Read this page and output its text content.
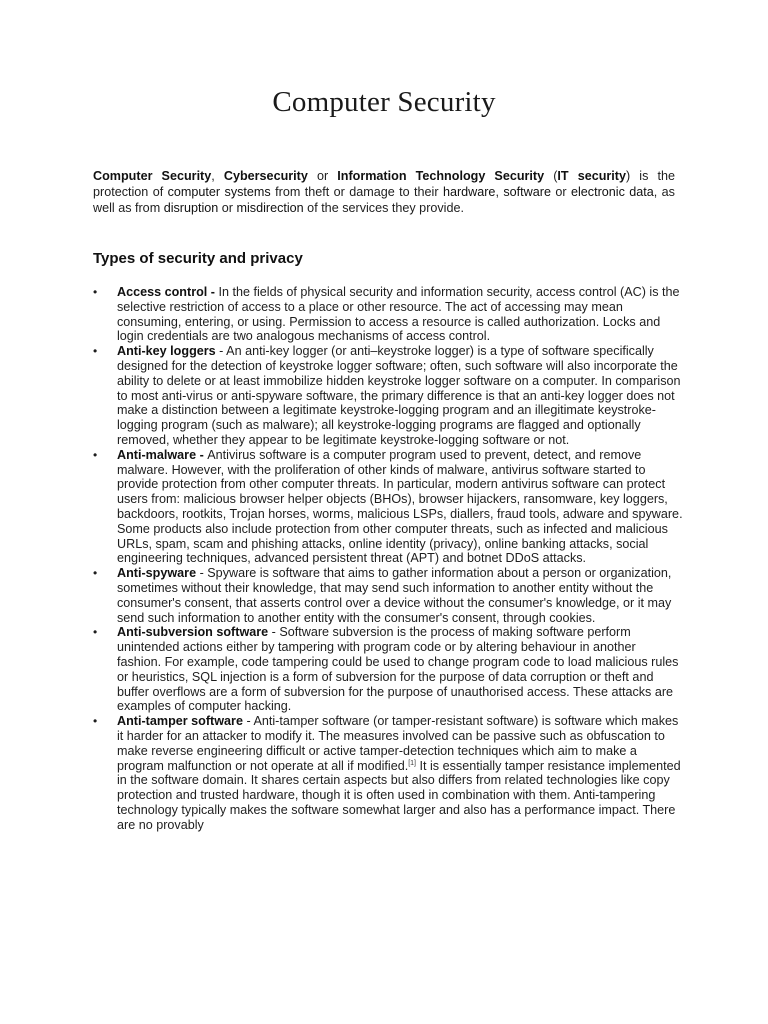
Computer Security

Computer Security, Cybersecurity or Information Technology Security (IT security) is the protection of computer systems from theft or damage to their hardware, software or electronic data, as well as from disruption or misdirection of the services they provide.

Types of security and privacy
• Access control - In the fields of physical security and information security, access control (AC) is the selective restriction of access to a place or other resource. The act of accessing may mean consuming, entering, or using. Permission to access a resource is called authorization. Locks and login credentials are two analogous mechanisms of access control.
• Anti-key loggers - An anti-key logger (or anti–keystroke logger) is a type of software specifically designed for the detection of keystroke logger software; often, such software will also incorporate the ability to delete or at least immobilize hidden keystroke logger software on a computer. In comparison to most anti-virus or anti-spyware software, the primary difference is that an anti-key logger does not make a distinction between a legitimate keystroke-logging program and an illegitimate keystroke-logging program (such as malware); all keystroke-logging programs are flagged and optionally removed, whether they appear to be legitimate keystroke-logging software or not.
• Anti-malware - Antivirus software is a computer program used to prevent, detect, and remove malware. However, with the proliferation of other kinds of malware, antivirus software started to provide protection from other computer threats. In particular, modern antivirus software can protect users from: malicious browser helper objects (BHOs), browser hijackers, ransomware, key loggers, backdoors, rootkits, Trojan horses, worms, malicious LSPs, diallers, fraud tools, adware and spyware. Some products also include protection from other computer threats, such as infected and malicious URLs, spam, scam and phishing attacks, online identity (privacy), online banking attacks, social engineering techniques, advanced persistent threat (APT) and botnet DDoS attacks.
• Anti-spyware - Spyware is software that aims to gather information about a person or organization, sometimes without their knowledge, that may send such information to another entity without the consumer's consent, that asserts control over a device without the consumer's knowledge, or it may send such information to another entity with the consumer's consent, through cookies.
• Anti-subversion software - Software subversion is the process of making software perform unintended actions either by tampering with program code or by altering behaviour in another fashion. For example, code tampering could be used to change program code to load malicious rules or heuristics, SQL injection is a form of subversion for the purpose of data corruption or theft and buffer overflows are a form of subversion for the purpose of unauthorised access. These attacks are examples of computer hacking.
• Anti-tamper software - Anti-tamper software (or tamper-resistant software) is software which makes it harder for an attacker to modify it. The measures involved can be passive such as obfuscation to make reverse engineering difficult or active tamper-detection techniques which aim to make a program malfunction or not operate at all if modified.[1] It is essentially tamper resistance implemented in the software domain. It shares certain aspects but also differs from related technologies like copy protection and trusted hardware, though it is often used in combination with them. Anti-tampering technology typically makes the software somewhat larger and also has a performance impact. There are no provably
